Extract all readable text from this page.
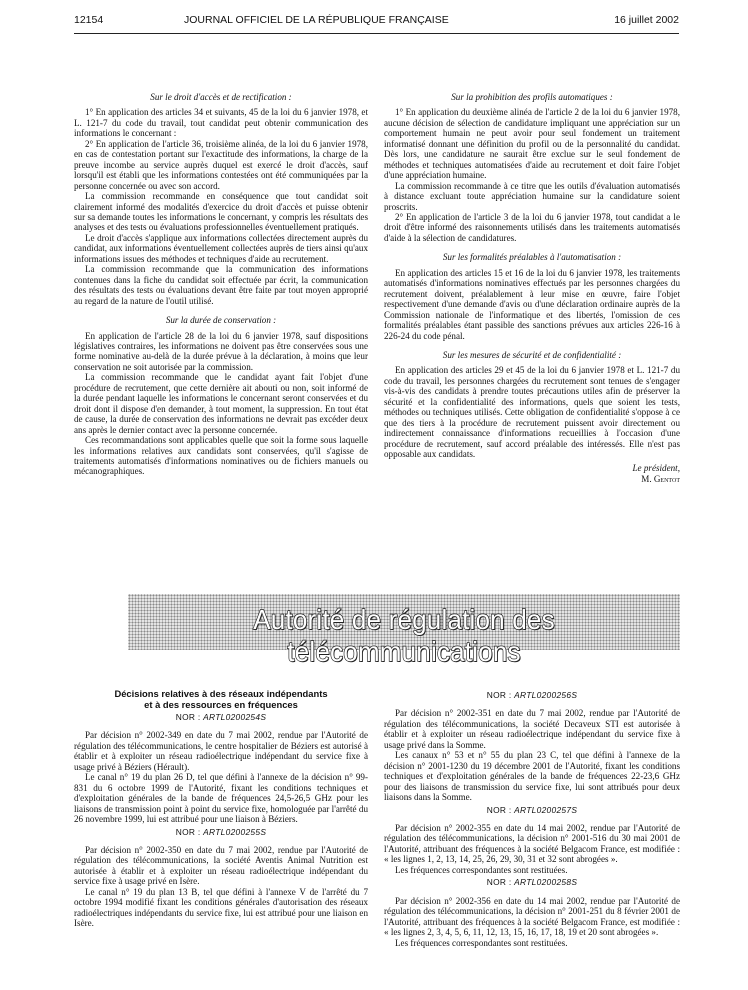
12154	JOURNAL OFFICIEL DE LA RÉPUBLIQUE FRANÇAISE	16 juillet 2002
Sur le droit d'accès et de rectification :

1° En application des articles 34 et suivants, 45 de la loi du 6 janvier 1978, et L. 121-7 du code du travail, tout candidat peut obtenir communication des informations le concernant :

2° En application de l'article 36, troisième alinéa, de la loi du 6 janvier 1978, en cas de contestation portant sur l'exactitude des informations, la charge de la preuve incombe au service auprès duquel est exercé le droit d'accès, sauf lorsqu'il est établi que les informations contestées ont été communiquées par la personne concernée ou avec son accord.

La commission recommande en conséquence que tout candidat soit clairement informé des modalités d'exercice du droit d'accès et puisse obtenir sur sa demande toutes les informations le concernant, y compris les résultats des analyses et des tests ou évaluations professionnelles éventuellement pratiqués.

Le droit d'accès s'applique aux informations collectées directement auprès du candidat, aux informations éventuellement collectées auprès de tiers ainsi qu'aux informations issues des méthodes et techniques d'aide au recrutement.

La commission recommande que la communication des informations contenues dans la fiche du candidat soit effectuée par écrit, la communication des résultats des tests ou évaluations devant être faite par tout moyen approprié au regard de la nature de l'outil utilisé.

Sur la durée de conservation :

En application de l'article 28 de la loi du 6 janvier 1978, sauf dispositions législatives contraires, les informations ne doivent pas être conservées sous une forme nominative au-delà de la durée prévue à la déclaration, à moins que leur conservation ne soit autorisée par la commission.

La commission recommande que le candidat ayant fait l'objet d'une procédure de recrutement, que cette dernière ait abouti ou non, soit informé de la durée pendant laquelle les informations le concernant seront conservées et du droit dont il dispose d'en demander, à tout moment, la suppression. En tout état de cause, la durée de conservation des informations ne devrait pas excéder deux ans après le dernier contact avec la personne concernée.

Ces recommandations sont applicables quelle que soit la forme sous laquelle les informations relatives aux candidats sont conservées, qu'il s'agisse de traitements automatisés d'informations nominatives ou de fichiers manuels ou mécanographiques.

Sur la prohibition des profils automatiques :

1° En application du deuxième alinéa de l'article 2 de la loi du 6 janvier 1978, aucune décision de sélection de candidature impliquant une appréciation sur un comportement humain ne peut avoir pour seul fondement un traitement informatisé donnant une définition du profil ou de la personnalité du candidat. Dès lors, une candidature ne saurait être exclue sur le seul fondement de méthodes et techniques automatisées d'aide au recrutement et doit faire l'objet d'une appréciation humaine.

La commission recommande à ce titre que les outils d'évaluation automatisés à distance excluant toute appréciation humaine sur la candidature soient proscrits.

2° En application de l'article 3 de la loi du 6 janvier 1978, tout candidat a le droit d'être informé des raisonnements utilisés dans les traitements automatisés d'aide à la sélection de candidatures.

Sur les formalités préalables à l'automatisation :

En application des articles 15 et 16 de la loi du 6 janvier 1978, les traitements automatisés d'informations nominatives effectués par les personnes chargées du recrutement doivent, préalablement à leur mise en œuvre, faire l'objet respectivement d'une demande d'avis ou d'une déclaration ordinaire auprès de la Commission nationale de l'informatique et des libertés, l'omission de ces formalités préalables étant passible des sanctions prévues aux articles 226-16 à 226-24 du code pénal.

Sur les mesures de sécurité et de confidentialité :

En application des articles 29 et 45 de la loi du 6 janvier 1978 et L. 121-7 du code du travail, les personnes chargées du recrutement sont tenues de s'engager vis-à-vis des candidats à prendre toutes précautions utiles afin de préserver la sécurité et la confidentialité des informations, quels que soient les tests, méthodes ou techniques utilisés. Cette obligation de confidentialité s'oppose à ce que des tiers à la procédure de recrutement puissent avoir directement ou indirectement connaissance d'informations recueillies à l'occasion d'une procédure de recrutement, sauf accord préalable des intéressés. Elle n'est pas opposable aux candidats.

Le président,
M. Gentot
Autorité de régulation des télécommunications
Décisions relatives à des réseaux indépendants
et à des ressources en fréquences
NOR : ARTL0200254S

Par décision n° 2002-349 en date du 7 mai 2002, rendue par l'Autorité de régulation des télécommunications, le centre hospitalier de Béziers est autorisé à établir et à exploiter un réseau radioélectrique indépendant du service fixe à usage privé à Béziers (Hérault).

Le canal n° 19 du plan 26 D, tel que défini à l'annexe de la décision n° 99-831 du 6 octobre 1999 de l'Autorité, fixant les conditions techniques et d'exploitation générales de la bande de fréquences 24,5-26,5 GHz pour les liaisons de transmission point à point du service fixe, homologuée par l'arrêté du 26 novembre 1999, lui est attribué pour une liaison à Béziers.

NOR : ARTL0200255S

Par décision n° 2002-350 en date du 7 mai 2002, rendue par l'Autorité de régulation des télécommunications, la société Aventis Animal Nutrition est autorisée à établir et à exploiter un réseau radioélectrique indépendant du service fixe à usage privé en Isère.

Le canal n° 19 du plan 13 B, tel que défini à l'annexe V de l'arrêté du 7 octobre 1994 modifié fixant les conditions générales d'autorisation des réseaux radioélectriques indépendants du service fixe, lui est attribué pour une liaison en Isère.

NOR : ARTL0200256S

Par décision n° 2002-351 en date du 7 mai 2002, rendue par l'Autorité de régulation des télécommunications, la société Decaveux STI est autorisée à établir et à exploiter un réseau radioélectrique indépendant du service fixe à usage privé dans la Somme.

Les canaux n° 53 et n° 55 du plan 23 C, tel que défini à l'annexe de la décision n° 2001-1230 du 19 décembre 2001 de l'Autorité, fixant les conditions techniques et d'exploitation générales de la bande de fréquences 22-23,6 GHz pour des liaisons de transmission du service fixe, lui sont attribués pour deux liaisons dans la Somme.

NOR : ARTL0200257S

Par décision n° 2002-355 en date du 14 mai 2002, rendue par l'Autorité de régulation des télécommunications, la décision n° 2001-516 du 30 mai 2001 de l'Autorité, attribuant des fréquences à la société Belgacom France, est modifiée : « les lignes 1, 2, 13, 14, 25, 26, 29, 30, 31 et 32 sont abrogées ».

Les fréquences correspondantes sont restituées.

NOR : ARTL0200258S

Par décision n° 2002-356 en date du 14 mai 2002, rendue par l'Autorité de régulation des télécommunications, la décision n° 2001-251 du 8 février 2001 de l'Autorité, attribuant des fréquences à la société Belgacom France, est modifiée : « les lignes 2, 3, 4, 5, 6, 11, 12, 13, 15, 16, 17, 18, 19 et 20 sont abrogées ».

Les fréquences correspondantes sont restituées.
